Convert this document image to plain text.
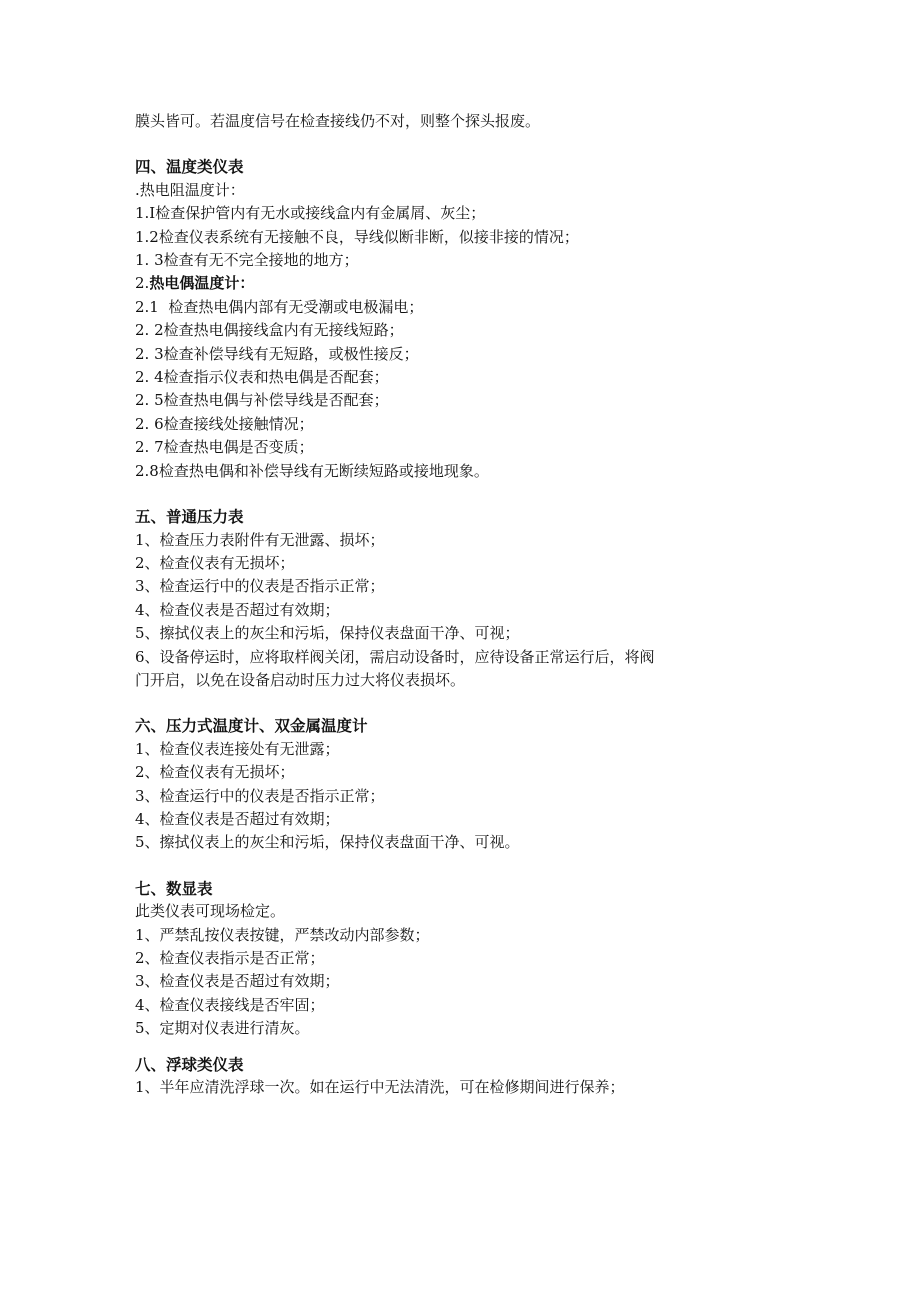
膜头皆可。若温度信号在检查接线仍不对，则整个探头报废。
四、温度类仪表
.热电阻温度计：
1.I检查保护管内有无水或接线盒内有金属屑、灰尘；
1.2检查仪表系统有无接触不良，导线似断非断，似接非接的情况；
1. 3检查有无不完全接地的地方；
2.热电偶温度计：
2.1  检查热电偶内部有无受潮或电极漏电；
2. 2检查热电偶接线盒内有无接线短路；
2. 3检查补偿导线有无短路，或极性接反；
2. 4检查指示仪表和热电偶是否配套；
2. 5检查热电偶与补偿导线是否配套；
2. 6检查接线处接触情况；
2. 7检查热电偶是否变质；
2.8检查热电偶和补偿导线有无断续短路或接地现象。
五、普通压力表
1、检查压力表附件有无泄露、损坏；
2、检查仪表有无损坏；
3、检查运行中的仪表是否指示正常；
4、检查仪表是否超过有效期；
5、擦拭仪表上的灰尘和污垢，保持仪表盘面干净、可视；
6、设备停运时，应将取样阀关闭，需启动设备时，应待设备正常运行后，将阀
门开启，以免在设备启动时压力过大将仪表损坏。
六、压力式温度计、双金属温度计
1、检查仪表连接处有无泄露；
2、检查仪表有无损坏；
3、检查运行中的仪表是否指示正常；
4、检查仪表是否超过有效期；
5、擦拭仪表上的灰尘和污垢，保持仪表盘面干净、可视。
七、数显表
此类仪表可现场检定。
1、严禁乱按仪表按键，严禁改动内部参数；
2、检查仪表指示是否正常；
3、检查仪表是否超过有效期；
4、检查仪表接线是否牢固；
5、定期对仪表进行清灰。
八、浮球类仪表
1、半年应清洗浮球一次。如在运行中无法清洗，可在检修期间进行保养；
